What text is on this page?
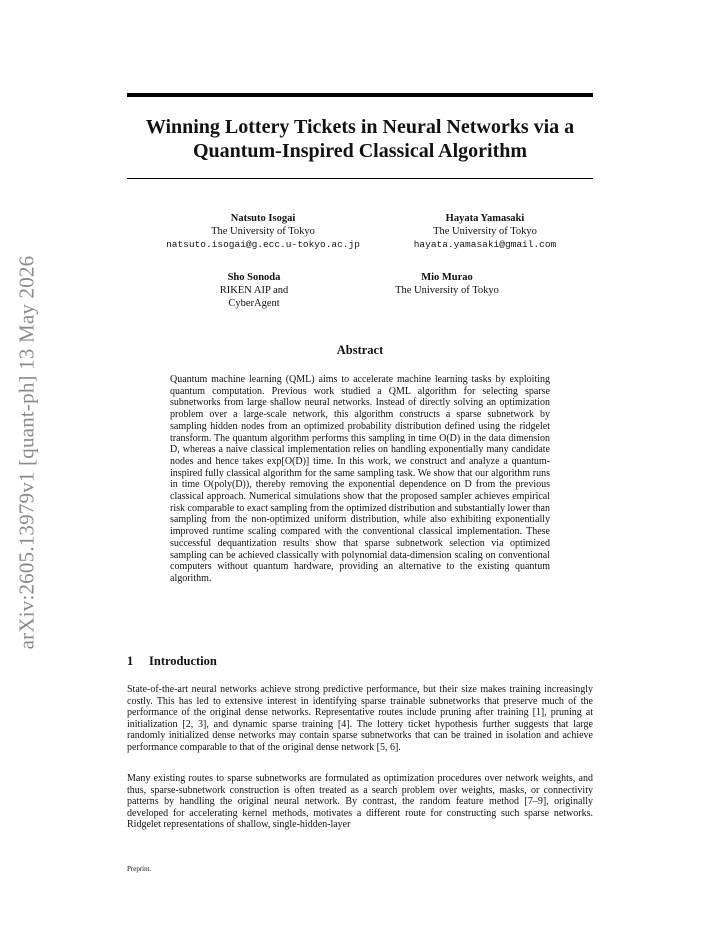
arXiv:2605.13979v1 [quant-ph] 13 May 2026
Winning Lottery Tickets in Neural Networks via a
Quantum-Inspired Classical Algorithm
Natsuto Isogai
The University of Tokyo
natsuto.isogai@g.ecc.u-tokyo.ac.jp
Hayata Yamasaki
The University of Tokyo
hayata.yamasaki@gmail.com
Sho Sonoda
RIKEN AIP and
CyberAgent
Mio Murao
The University of Tokyo
Abstract
Quantum machine learning (QML) aims to accelerate machine learning tasks by exploiting quantum computation. Previous work studied a QML algorithm for selecting sparse subnetworks from large shallow neural networks. Instead of directly solving an optimization problem over a large-scale network, this algorithm constructs a sparse subnetwork by sampling hidden nodes from an optimized probability distribution defined using the ridgelet transform. The quantum algorithm performs this sampling in time O(D) in the data dimension D, whereas a naive classical implementation relies on handling exponentially many candidate nodes and hence takes exp[O(D)] time. In this work, we construct and analyze a quantum-inspired fully classical algorithm for the same sampling task. We show that our algorithm runs in time O(poly(D)), thereby removing the exponential dependence on D from the previous classical approach. Numerical simulations show that the proposed sampler achieves empirical risk comparable to exact sampling from the optimized distribution and substantially lower than sampling from the non-optimized uniform distribution, while also exhibiting exponentially improved runtime scaling compared with the conventional classical implementation. These successful dequantization results show that sparse subnetwork selection via optimized sampling can be achieved classically with polynomial data-dimension scaling on conventional computers without quantum hardware, providing an alternative to the existing quantum algorithm.
1 Introduction

State-of-the-art neural networks achieve strong predictive performance, but their size makes training increasingly costly. This has led to extensive interest in identifying sparse trainable subnetworks that preserve much of the performance of the original dense networks. Representative routes include pruning after training [1], pruning at initialization [2, 3], and dynamic sparse training [4]. The lottery ticket hypothesis further suggests that large randomly initialized dense networks may contain sparse subnetworks that can be trained in isolation and achieve performance comparable to that of the original dense network [5, 6].

Many existing routes to sparse subnetworks are formulated as optimization procedures over network weights, and thus, sparse-subnetwork construction is often treated as a search problem over weights, masks, or connectivity patterns by handling the original neural network. By contrast, the random feature method [7–9], originally developed for accelerating kernel methods, motivates a different route for constructing such sparse networks. Ridgelet representations of shallow, single-hidden-layer

Preprint.
